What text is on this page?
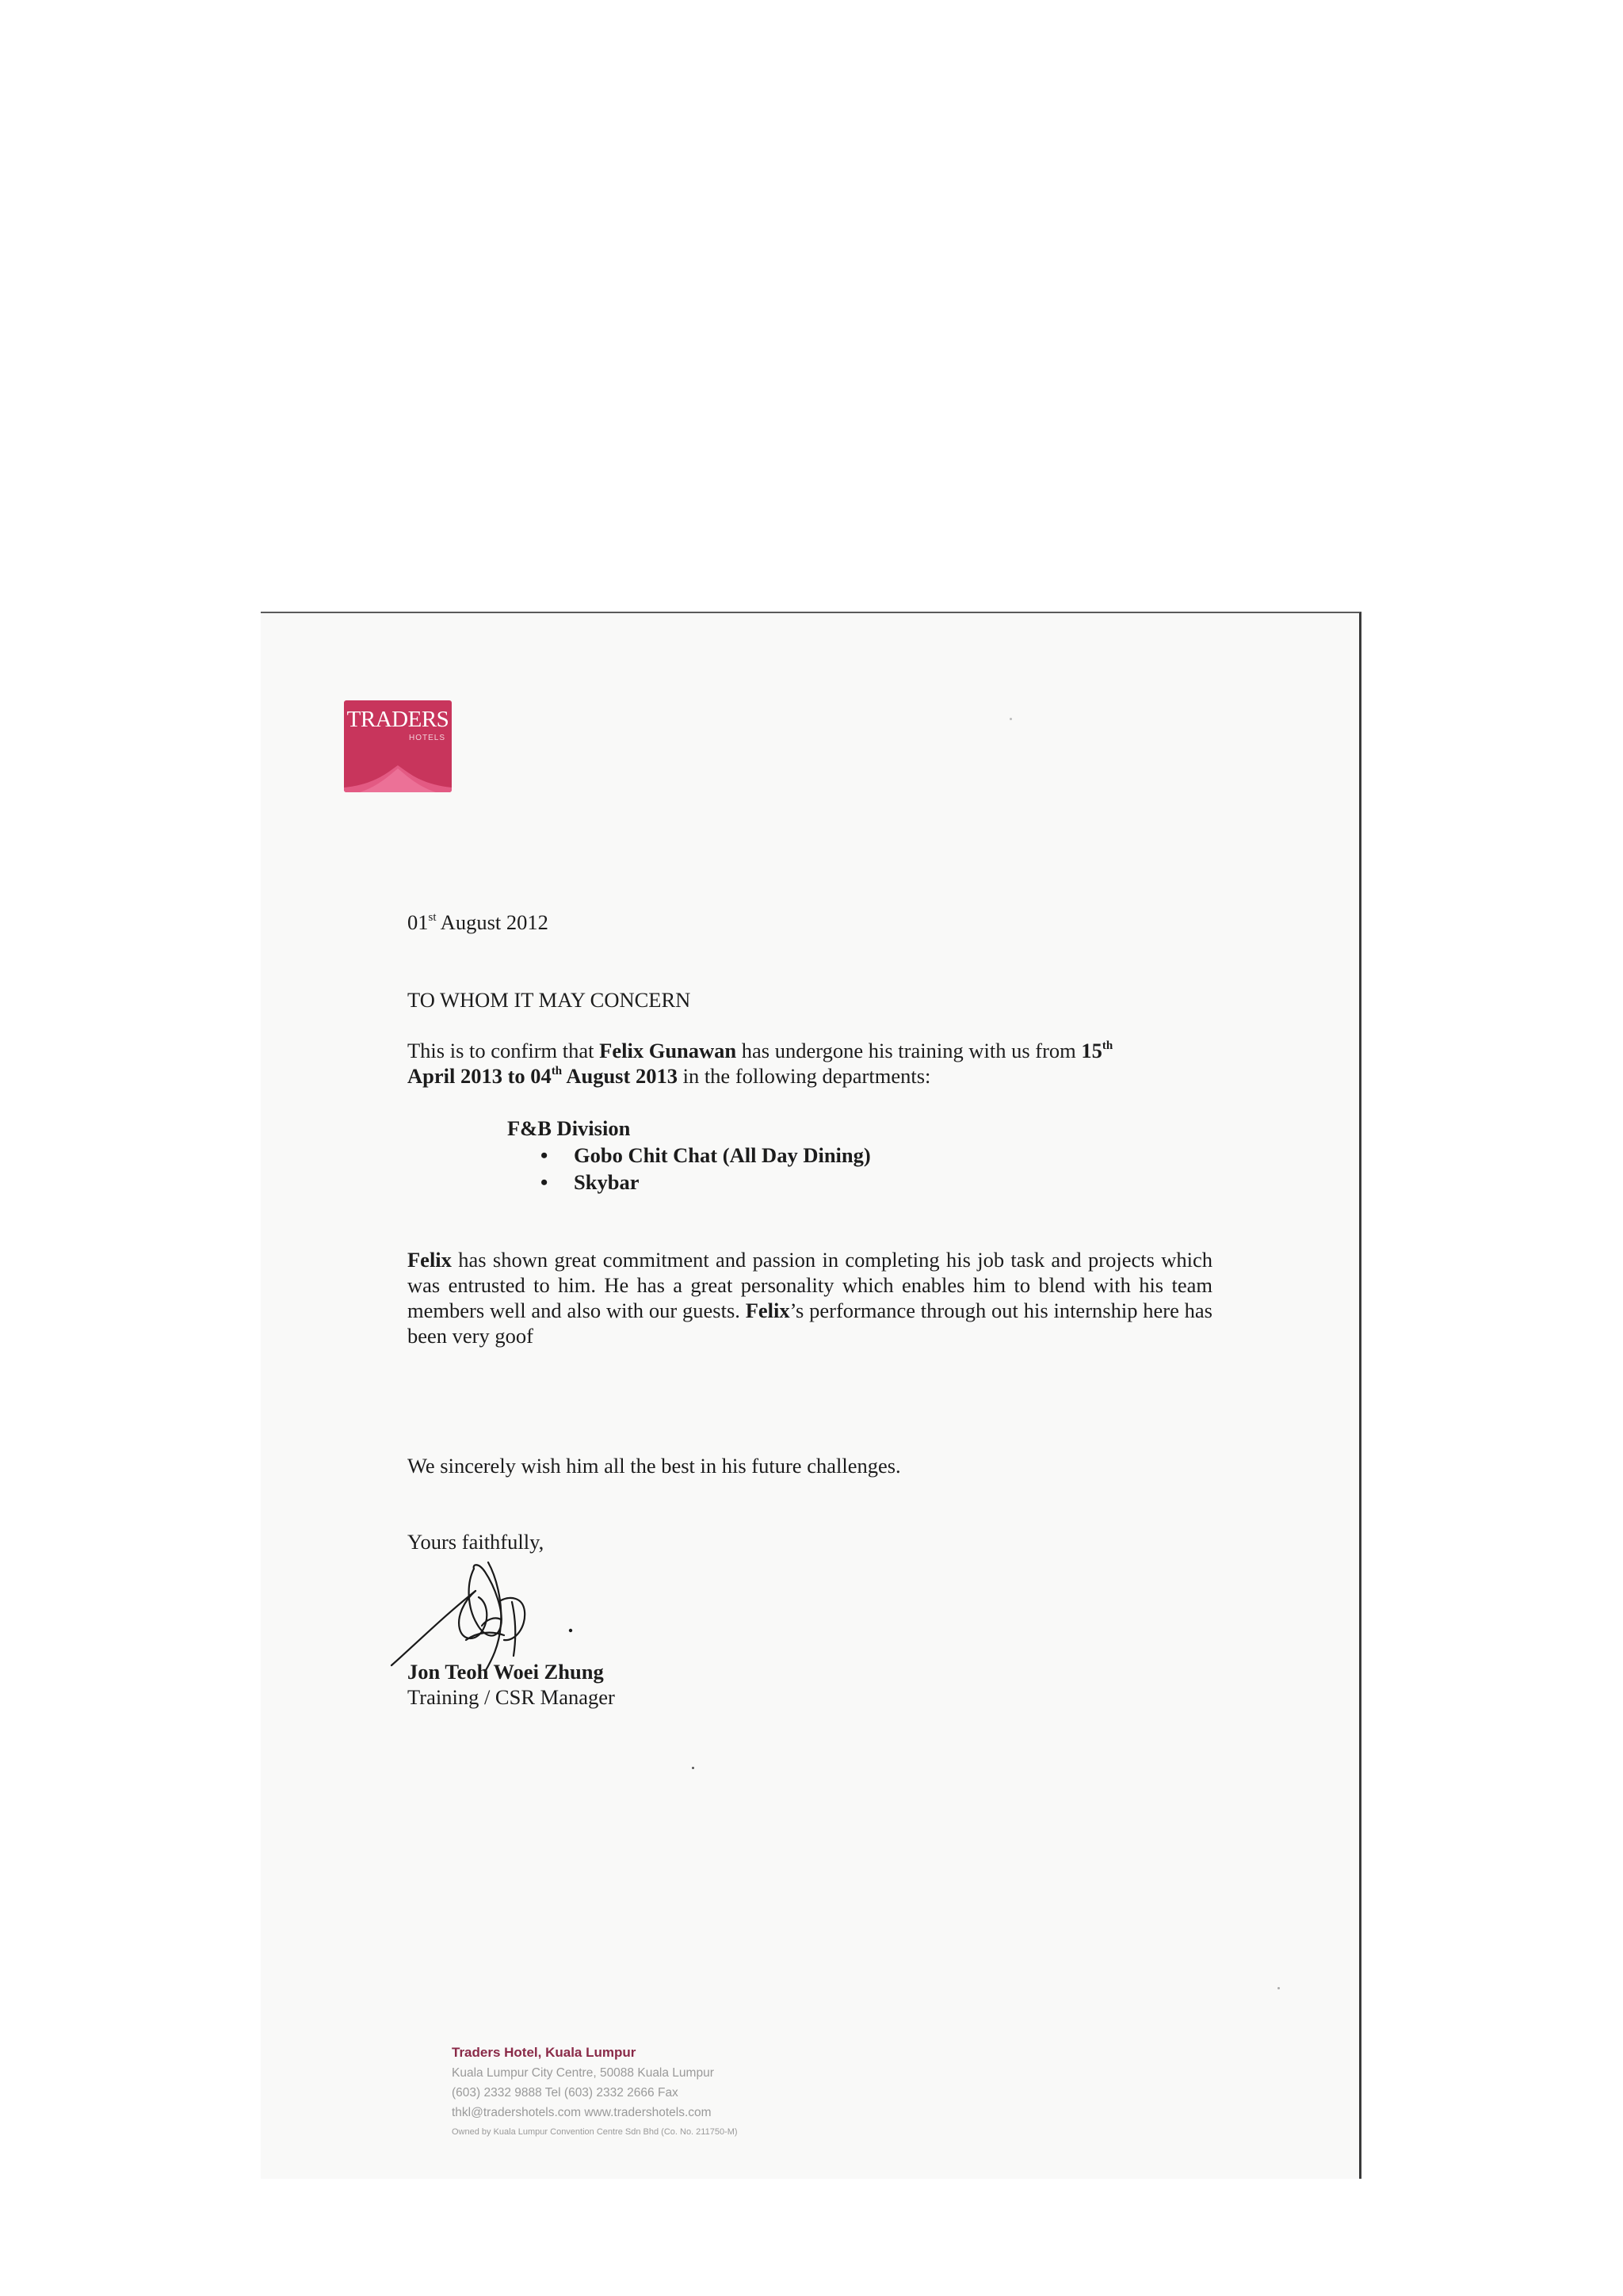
TRADERS
HOTELS
01st August 2012
TO WHOM IT MAY CONCERN
This is to confirm that Felix Gunawan has undergone his training with us from 15th
April 2013 to 04th August 2013 in the following departments:
F&B Division
• Gobo Chit Chat (All Day Dining)
• Skybar
Felix has shown great commitment and passion in completing his job task and projects which was entrusted to him. He has a great personality which enables him to blend with his team members well and also with our guests. Felix’s performance through out his internship here has been very goof
We sincerely wish him all the best in his future challenges.
Yours faithfully,
Jon Teoh Woei Zhung
Training / CSR Manager
Traders Hotel, Kuala Lumpur
Kuala Lumpur City Centre, 50088 Kuala Lumpur
(603) 2332 9888 Tel (603) 2332 2666 Fax
thkl@tradershotels.com www.tradershotels.com
Owned by Kuala Lumpur Convention Centre Sdn Bhd (Co. No. 211750-M)
